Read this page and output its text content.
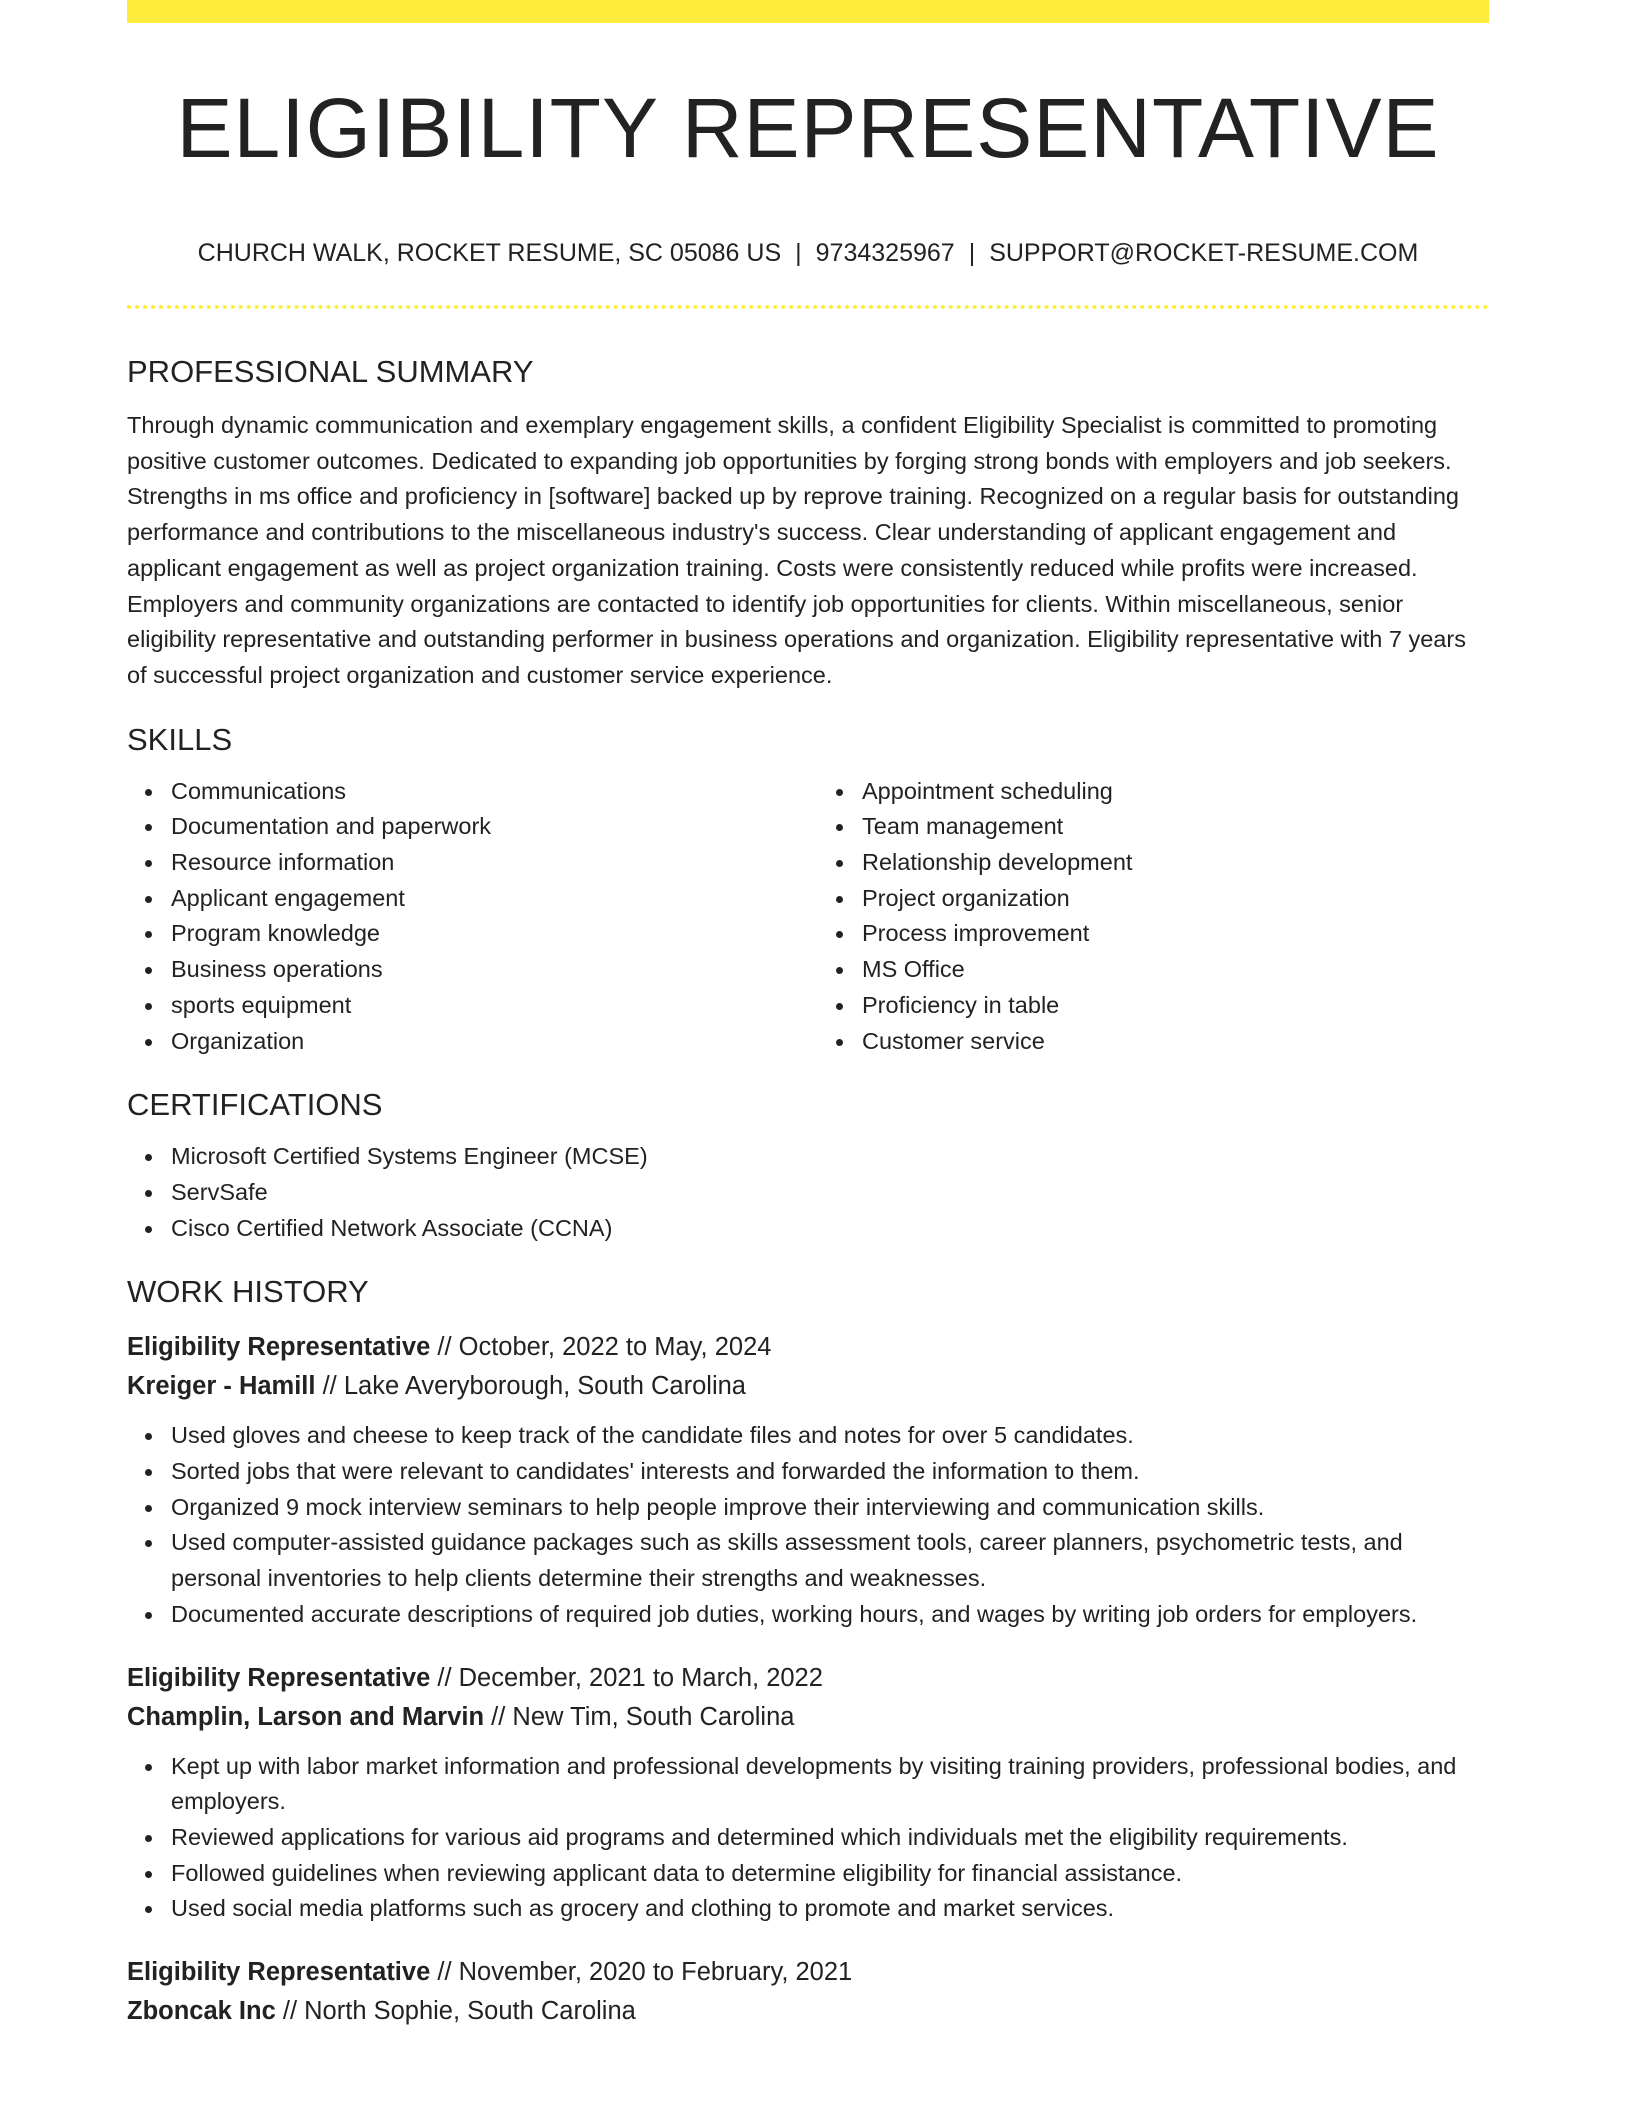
ELIGIBILITY REPRESENTATIVE
CHURCH WALK, ROCKET RESUME, SC 05086 US | 9734325967 | SUPPORT@ROCKET-RESUME.COM
PROFESSIONAL SUMMARY

Through dynamic communication and exemplary engagement skills, a confident Eligibility Specialist is committed to promoting positive customer outcomes. Dedicated to expanding job opportunities by forging strong bonds with employers and job seekers. Strengths in ms office and proficiency in [software] backed up by reprove training. Recognized on a regular basis for outstanding performance and contributions to the miscellaneous industry's success. Clear understanding of applicant engagement and applicant engagement as well as project organization training. Costs were consistently reduced while profits were increased. Employers and community organizations are contacted to identify job opportunities for clients. Within miscellaneous, senior eligibility representative and outstanding performer in business operations and organization. Eligibility representative with 7 years of successful project organization and customer service experience.

SKILLS
Communications
Documentation and paperwork
Resource information
Applicant engagement
Program knowledge
Business operations
sports equipment
Organization
Appointment scheduling
Team management
Relationship development
Project organization
Process improvement
MS Office
Proficiency in table
Customer service
CERTIFICATIONS
Microsoft Certified Systems Engineer (MCSE)
ServSafe
Cisco Certified Network Associate (CCNA)
WORK HISTORY
Eligibility Representative // October, 2022 to May, 2024
Kreiger - Hamill // Lake Averyborough, South Carolina
Used gloves and cheese to keep track of the candidate files and notes for over 5 candidates.
Sorted jobs that were relevant to candidates' interests and forwarded the information to them.
Organized 9 mock interview seminars to help people improve their interviewing and communication skills.
Used computer-assisted guidance packages such as skills assessment tools, career planners, psychometric tests, and personal inventories to help clients determine their strengths and weaknesses.
Documented accurate descriptions of required job duties, working hours, and wages by writing job orders for employers.
Eligibility Representative // December, 2021 to March, 2022
Champlin, Larson and Marvin // New Tim, South Carolina
Kept up with labor market information and professional developments by visiting training providers, professional bodies, and employers.
Reviewed applications for various aid programs and determined which individuals met the eligibility requirements.
Followed guidelines when reviewing applicant data to determine eligibility for financial assistance.
Used social media platforms such as grocery and clothing to promote and market services.
Eligibility Representative // November, 2020 to February, 2021
Zboncak Inc // North Sophie, South Carolina
